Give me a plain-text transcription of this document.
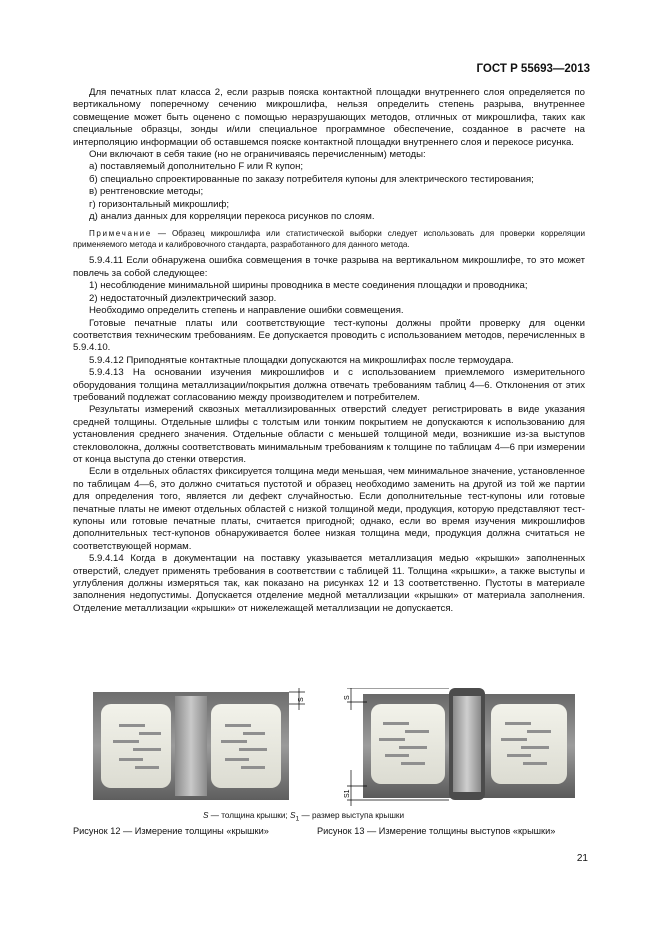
ГОСТ Р 55693—2013

Для печатных плат класса 2, если разрыв пояска контактной площадки внутреннего слоя определяется по вертикальному поперечному сечению микрошлифа, нельзя определить степень разрыва, внутреннее совмещение может быть оценено с помощью неразрушающих методов, отличных от микрошлифа, таких как специальные образцы, зонды и/или специальное программное обеспечение, созданное в расчете на интерполяцию информации об оставшемся пояске контактной площадки внутреннего слоя и перекосе рисунка.

Они включают в себя такие (но не ограничиваясь перечисленным) методы:

а) поставляемый дополнительно F или R купон;

б) специально спроектированные по заказу потребителя купоны для электрического тестирования;

в) рентгеновские методы;

г) горизонтальный микрошлиф;

д) анализ данных для корреляции перекоса рисунков по слоям.

Примечание — Образец микрошлифа или статистической выборки следует использовать для проверки корреляции применяемого метода и калибровочного стандарта, разработанного для данного метода.

5.9.4.11 Если обнаружена ошибка совмещения в точке разрыва на вертикальном микрошлифе, то это может повлечь за собой следующее:

1) несоблюдение минимальной ширины проводника в месте соединения площадки и проводника;

2) недостаточный диэлектрический зазор.

Необходимо определить степень и направление ошибки совмещения.

Готовые печатные платы или соответствующие тест-купоны должны пройти проверку для оценки соответствия техническим требованиям. Ее допускается проводить с использованием методов, перечисленных в 5.9.4.10.

5.9.4.12 Приподнятые контактные площадки допускаются на микрошлифах после термоудара.

5.9.4.13 На основании изучения микрошлифов и с использованием приемлемого измерительного оборудования толщина металлизации/покрытия должна отвечать требованиям таблиц 4—6. Отклонения от этих требований подлежат согласованию между производителем и потребителем.

Результаты измерений сквозных металлизированных отверстий следует регистрировать в виде указания средней толщины. Отдельные шлифы с толстым или тонким покрытием не допускаются к использованию для установления среднего значения. Отдельные области с меньшей толщиной меди, возникшие из-за выступов стекловолокна, должны соответствовать минимальным требованиям к толщине по таблицам 4—6 при измерении от конца выступа до стенки отверстия.

Если в отдельных областях фиксируется толщина меди меньшая, чем минимальное значение, установленное по таблицам 4—6, это должно считаться пустотой и образец необходимо заменить на другой из той же партии для определения того, является ли дефект случайностью. Если дополнительные тест-купоны или готовые печатные платы не имеют отдельных областей с низкой толщиной меди, продукция, которую представляют тест-купоны или готовые печатные платы, считается пригодной; однако, если во время изучения микрошлифов дополнительных тест-купонов обнаруживается более низкая толщина меди, продукция должна считаться не соответствующей нормам.

5.9.4.14 Когда в документации на поставку указывается металлизация медью «крышки» заполненных отверстий, следует применять требования в соответствии с таблицей 11. Толщина «крышки», а также выступы и углубления должны измеряться так, как показано на рисунках 12 и 13 соответственно. Пустоты в материале заполнения недопустимы. Допускается отделение медной металлизации «крышки» от материала заполнения. Отделение металлизации «крышки» от нижележащей металлизации не допускается.

S	S
S1
S — толщина крышки; $S_1$ — размер выступа крышки
Рисунок 12 — Измерение толщины «крышки»	Рисунок 13 — Измерение толщины выступов «крышки»
21
